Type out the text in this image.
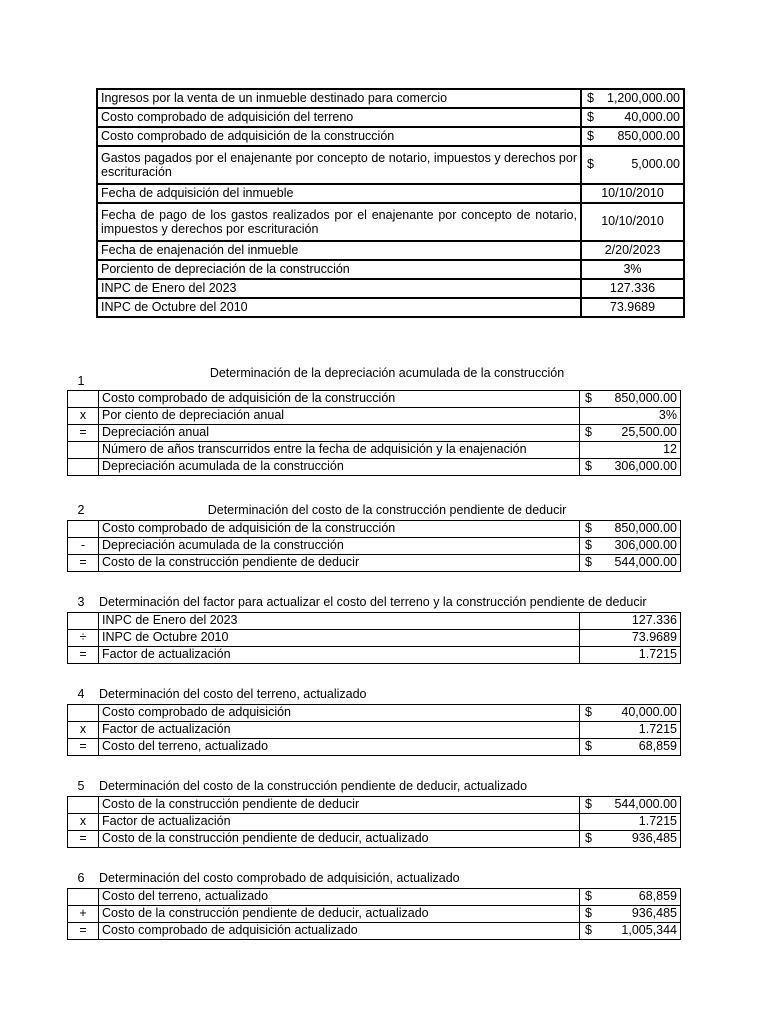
Ingresos por la venta de un inmueble destinado para comercio	$ 1,200,000.00

Costo comprobado de adquisición del terreno	$ 40,000.00

Costo comprobado de adquisición de la construcción	$ 850,000.00

Gastos pagados por el enajenante por concepto de notario, impuestos y derechos por escrituración	$ 5,000.00

Fecha de adquisición del inmueble	10/10/2010
Fecha de pago de los gastos realizados por el enajenante por concepto de notario, impuestos y derechos por escrituración	10/10/2010
Fecha de enajenación del inmueble	2/20/2023
Porciento de depreciación de la construcción	3%
INPC de Enero del 2023	127.336
INPC de Octubre del 2010	73.9689
1
Determinación de la depreciación acumulada de la construcción
	Costo comprobado de adquisición de la construcción	$ 850,000.00

x	Por ciento de depreciación anual	3%
=	Depreciación anual	$ 25,500.00

	Número de años transcurridos entre la fecha de adquisición y la enajenación	12
	Depreciación acumulada de la construcción	$ 306,000.00
2	Determinación del costo de la construcción pendiente de deducir
	Costo comprobado de adquisición de la construcción	$ 850,000.00

-	Depreciación acumulada de la construcción	$ 306,000.00

=	Costo de la construcción pendiente de deducir	$ 544,000.00
3 Determinación del factor para actualizar el costo del terreno y la construcción pendiente de deducir
	INPC de Enero del 2023	127.336
÷	INPC de Octubre 2010	73.9689
=	Factor de actualización	1.7215
4 Determinación del costo del terreno, actualizado
	Costo comprobado de adquisición	$ 40,000.00

x	Factor de actualización	1.7215
=	Costo del terreno, actualizado	$ 68,859
5 Determinación del costo de la construcción pendiente de deducir, actualizado
	Costo de la construcción pendiente de deducir	$ 544,000.00

x	Factor de actualización	1.7215
=	Costo de la construcción pendiente de deducir, actualizado	$ 936,485
6 Determinación del costo comprobado de adquisición, actualizado
	Costo del terreno, actualizado	$ 68,859

+	Costo de la construcción pendiente de deducir, actualizado	$ 936,485

=	Costo comprobado de adquisición actualizado	$ 1,005,344
